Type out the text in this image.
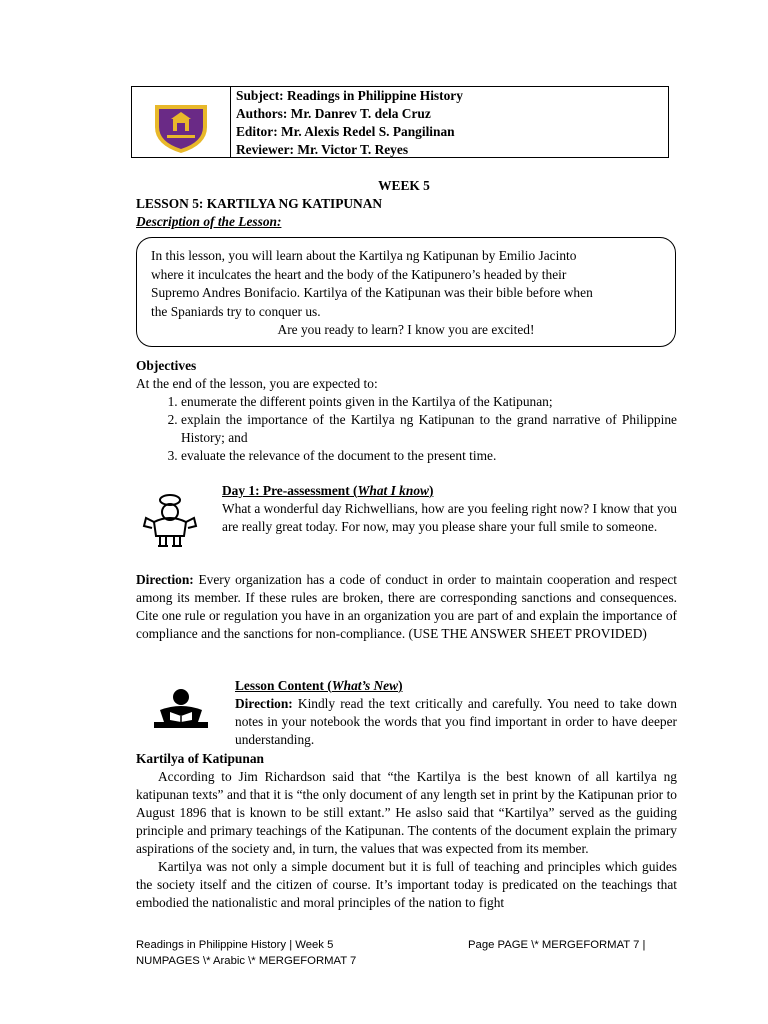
Subject: Readings in Philippine History
Authors: Mr. Danrev T. dela Cruz
Editor: Mr. Alexis Redel S. Pangilinan
Reviewer: Mr. Victor T. Reyes
WEEK 5
LESSON 5: KARTILYA NG KATIPUNAN
Description of the Lesson:
In this lesson, you will learn about the Kartilya ng Katipunan by Emilio Jacinto
where it inculcates the heart and the body of the Katipunero’s headed by their
Supremo Andres Bonifacio. Kartilya of the Katipunan was their bible before when
the Spaniards try to conquer us.
Are you ready to learn? I know you are excited!
Objectives
At the end of the lesson, you are expected to:
1. enumerate the different points given in the Kartilya of the Katipunan;
2. explain the importance of the Kartilya ng Katipunan to the grand narrative of Philippine History; and
3. evaluate the relevance of the document to the present time.
Day 1: Pre-assessment (What I know)
What a wonderful day Richwellians, how are you feeling right now? I know that you are really great today. For now, may you please share your full smile to someone.
Direction: Every organization has a code of conduct in order to maintain cooperation and respect among its member. If these rules are broken, there are corresponding sanctions and consequences. Cite one rule or regulation you have in an organization you are part of and explain the importance of compliance and the sanctions for non-compliance. (USE THE ANSWER SHEET PROVIDED)
Lesson Content (What’s New)
Direction: Kindly read the text critically and carefully. You need to take down notes in your notebook the words that you find important in order to have deeper understanding.
Kartilya of Katipunan
According to Jim Richardson said that “the Kartilya is the best known of all kartilya ng katipunan texts” and that it is “the only document of any length set in print by the Katipunan prior to August 1896 that is known to be still extant.” He aslso said that “Kartilya” served as the guiding principle and primary teachings of the Katipunan. The contents of the document explain the primary aspirations of the society and, in turn, the values that was expected from its member.
Kartilya was not only a simple document but it is full of teaching and principles which guides the society itself and the citizen of course. It’s important today is predicated on the teachings that embodied the nationalistic and moral principles of the nation to fight
Readings in Philippine History | Week 5	Page PAGE \* MERGEFORMAT 7 |
NUMPAGES \* Arabic \* MERGEFORMAT 7
